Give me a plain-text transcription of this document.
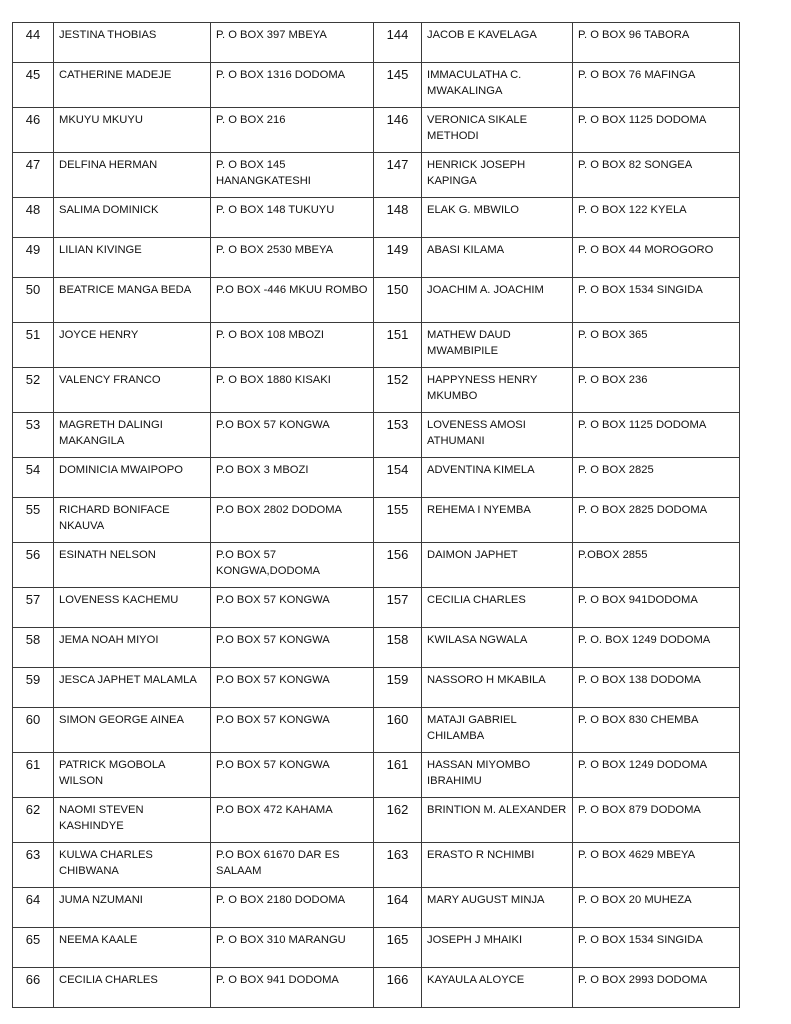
44	JESTINA THOBIAS	P. O BOX 397 MBEYA	144	JACOB E KAVELAGA	P. O BOX 96 TABORA
45	CATHERINE MADEJE	P. O BOX 1316 DODOMA	145	IMMACULATHA C. MWAKALINGA	P. O BOX 76 MAFINGA
46	MKUYU MKUYU	P. O BOX 216	146	VERONICA SIKALE METHODI	P. O BOX 1125 DODOMA
47	DELFINA HERMAN	P. O BOX 145 HANANGKATESHI	147	HENRICK JOSEPH KAPINGA	P. O BOX 82 SONGEA
48	SALIMA DOMINICK	P. O BOX 148 TUKUYU	148	ELAK G. MBWILO	P. O BOX 122 KYELA
49	LILIAN KIVINGE	P. O BOX 2530 MBEYA	149	ABASI KILAMA	P. O BOX 44 MOROGORO
50	BEATRICE MANGA BEDA	P.O BOX -446 MKUU ROMBO	150	JOACHIM A. JOACHIM	P. O BOX 1534 SINGIDA
51	JOYCE HENRY	P. O BOX 108 MBOZI	151	MATHEW DAUD MWAMBIPILE	P. O BOX 365
52	VALENCY FRANCO	P. O BOX 1880 KISAKI	152	HAPPYNESS HENRY MKUMBO	P. O BOX 236
53	MAGRETH DALINGI MAKANGILA	P.O BOX 57 KONGWA	153	LOVENESS AMOSI ATHUMANI	P. O BOX 1125 DODOMA
54	DOMINICIA MWAIPOPO	P.O BOX 3 MBOZI	154	ADVENTINA KIMELA	P. O BOX 2825
55	RICHARD BONIFACE NKAUVA	P.O BOX 2802 DODOMA	155	REHEMA I NYEMBA	P. O BOX 2825 DODOMA
56	ESINATH NELSON	P.O BOX 57 KONGWA,DODOMA	156	DAIMON JAPHET	P.OBOX 2855
57	LOVENESS KACHEMU	P.O BOX 57 KONGWA	157	CECILIA CHARLES	P. O BOX 941DODOMA
58	JEMA NOAH MIYOI	P.O BOX 57 KONGWA	158	KWILASA NGWALA	P. O. BOX 1249 DODOMA
59	JESCA JAPHET MALAMLA	P.O BOX 57 KONGWA	159	NASSORO H MKABILA	P. O BOX 138 DODOMA
60	SIMON GEORGE AINEA	P.O BOX 57 KONGWA	160	MATAJI GABRIEL CHILAMBA	P. O BOX 830 CHEMBA
61	PATRICK MGOBOLA WILSON	P.O BOX 57 KONGWA	161	HASSAN MIYOMBO IBRAHIMU	P. O BOX 1249 DODOMA
62	NAOMI STEVEN KASHINDYE	P.O BOX 472 KAHAMA	162	BRINTION M. ALEXANDER	P. O BOX 879 DODOMA
63	KULWA CHARLES CHIBWANA	P.O BOX 61670 DAR ES SALAAM	163	ERASTO R NCHIMBI	P. O BOX 4629 MBEYA
64	JUMA NZUMANI	P. O BOX 2180 DODOMA	164	MARY AUGUST MINJA	P. O BOX 20 MUHEZA
65	NEEMA KAALE	P. O BOX 310 MARANGU	165	JOSEPH J MHAIKI	P. O BOX 1534 SINGIDA
66	CECILIA CHARLES	P. O BOX 941 DODOMA	166	KAYAULA ALOYCE	P. O BOX 2993 DODOMA
